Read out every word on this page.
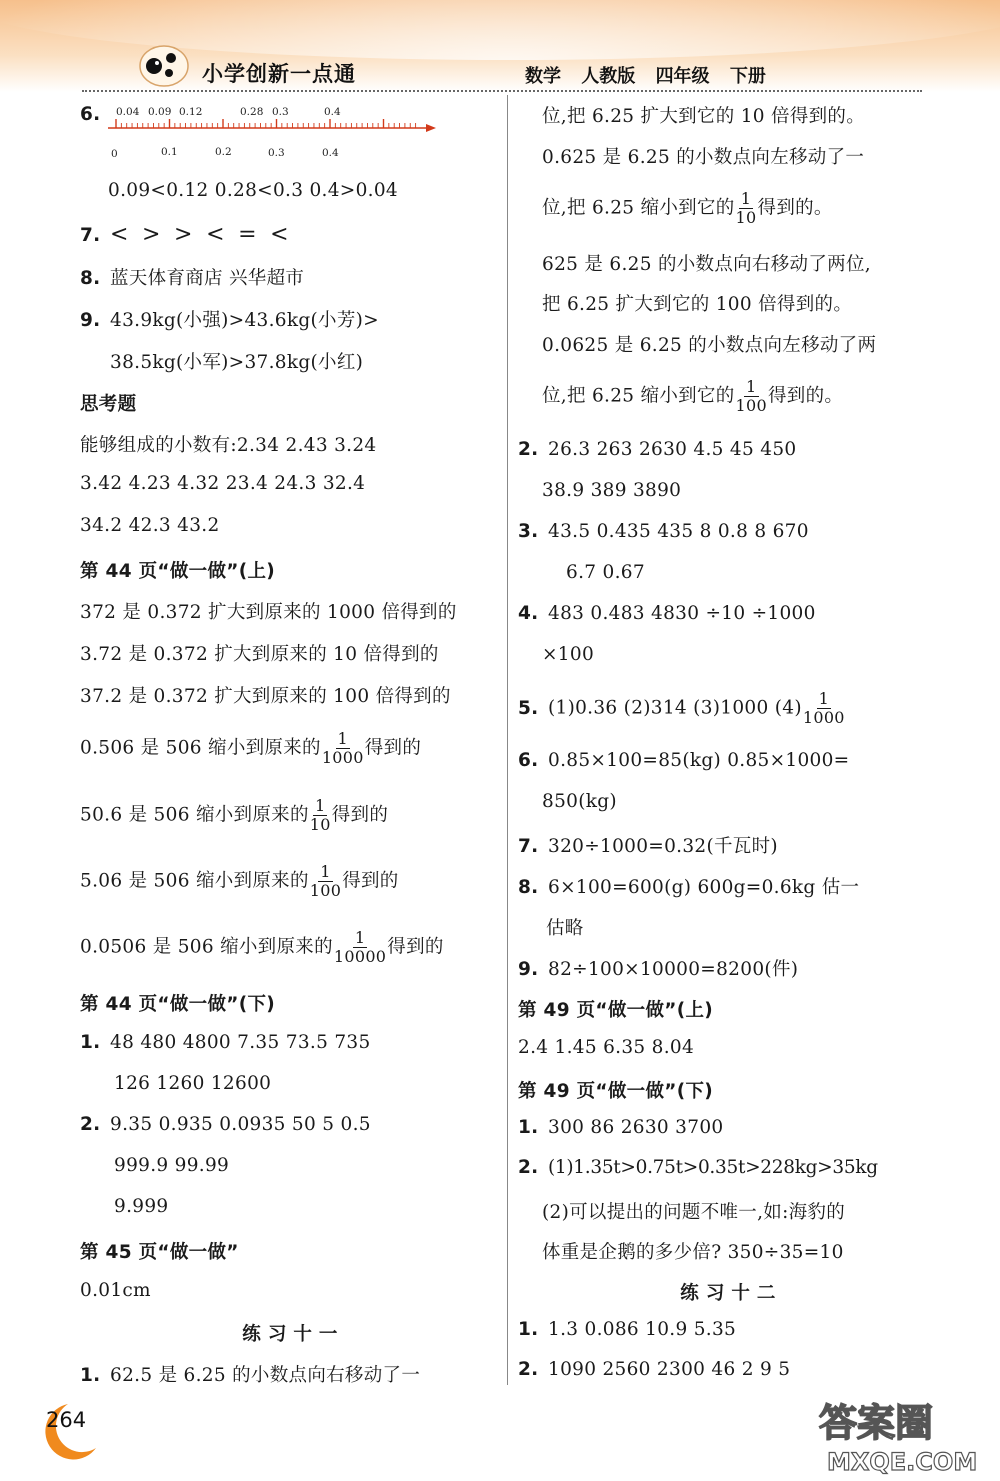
小学创新一点通	数学 人教版 四年级 下册
0.04 0.09 0.12	0.28 0.3	0.4
0	0.1	0.2	0.3	0.4
6.
0.09<0.12 0.28<0.3 0.4>0.04
7. < > > < = <
8. 蓝天体育商店 兴华超市
9. 43.9kg(小强)>43.6kg(小芳)>
38.5kg(小军)>37.8kg(小红)
思考题
能够组成的小数有:2.34 2.43 3.24
3.42 4.23 4.32 23.4 24.3 32.4
34.2 42.3 43.2
第 44 页“做一做”(上)
372 是 0.372 扩大到原来的 1000 倍得到的
3.72 是 0.372 扩大到原来的 10 倍得到的
37.2 是 0.372 扩大到原来的 100 倍得到的
0.506 是 506 缩小到原来的 $\frac{1}{1000}$ 得到的
50.6 是 506 缩小到原来的 $\frac{1}{10}$ 得到的
5.06 是 506 缩小到原来的 $\frac{1}{100}$ 得到的
0.0506 是 506 缩小到原来的 $\frac{1}{10000}$ 得到的
第 44 页“做一做”(下)
1. 48 480 4800 7.35 73.5 735
126 1260 12600
2. 9.35 0.935 0.0935 50 5 0.5
999.9 99.99
9.999
第 45 页“做一做”
0.01cm
练 习 十 一
1. 62.5 是 6.25 的小数点向右移动了一
位,把 6.25 扩大到它的 10 倍得到的。
0.625 是 6.25 的小数点向左移动了一
位,把 6.25 缩小到它的 $\frac{1}{10}$ 得到的。
625 是 6.25 的小数点向右移动了两位,
把 6.25 扩大到它的 100 倍得到的。
0.0625 是 6.25 的小数点向左移动了两
位,把 6.25 缩小到它的 $\frac{1}{100}$ 得到的。
2. 26.3 263 2630 4.5 45 450
38.9 389 3890
3. 43.5 0.435 435 8 0.8 8 670
6.7 0.67
4. 483 0.483 4830 ÷10 ÷1000
×100
5. (1)0.36 (2)314 (3)1000 $(4) \frac{1}{1000}$
6. 0.85×100=85(kg) 0.85×1000=
850(kg)
7. 320÷1000=0.32(千瓦时)
8. 6×100=600(g) 600g=0.6kg 估一
估略
9. 82÷100×10000=8200(件)
第 49 页“做一做”(上)
2.4 1.45 6.35 8.04
第 49 页“做一做”(下)
1. 300 86 2630 3700
2. (1)1.35t>0.75t>0.35t>228kg>35kg
(2)可以提出的问题不唯一,如:海豹的
体重是企鹅的多少倍? 350÷35=10
练 习 十 二
1. 1.3 0.086 10.9 5.35
2. 1090 2560 2300 46 2 9 5
264	答案圈
MXQE.COM
